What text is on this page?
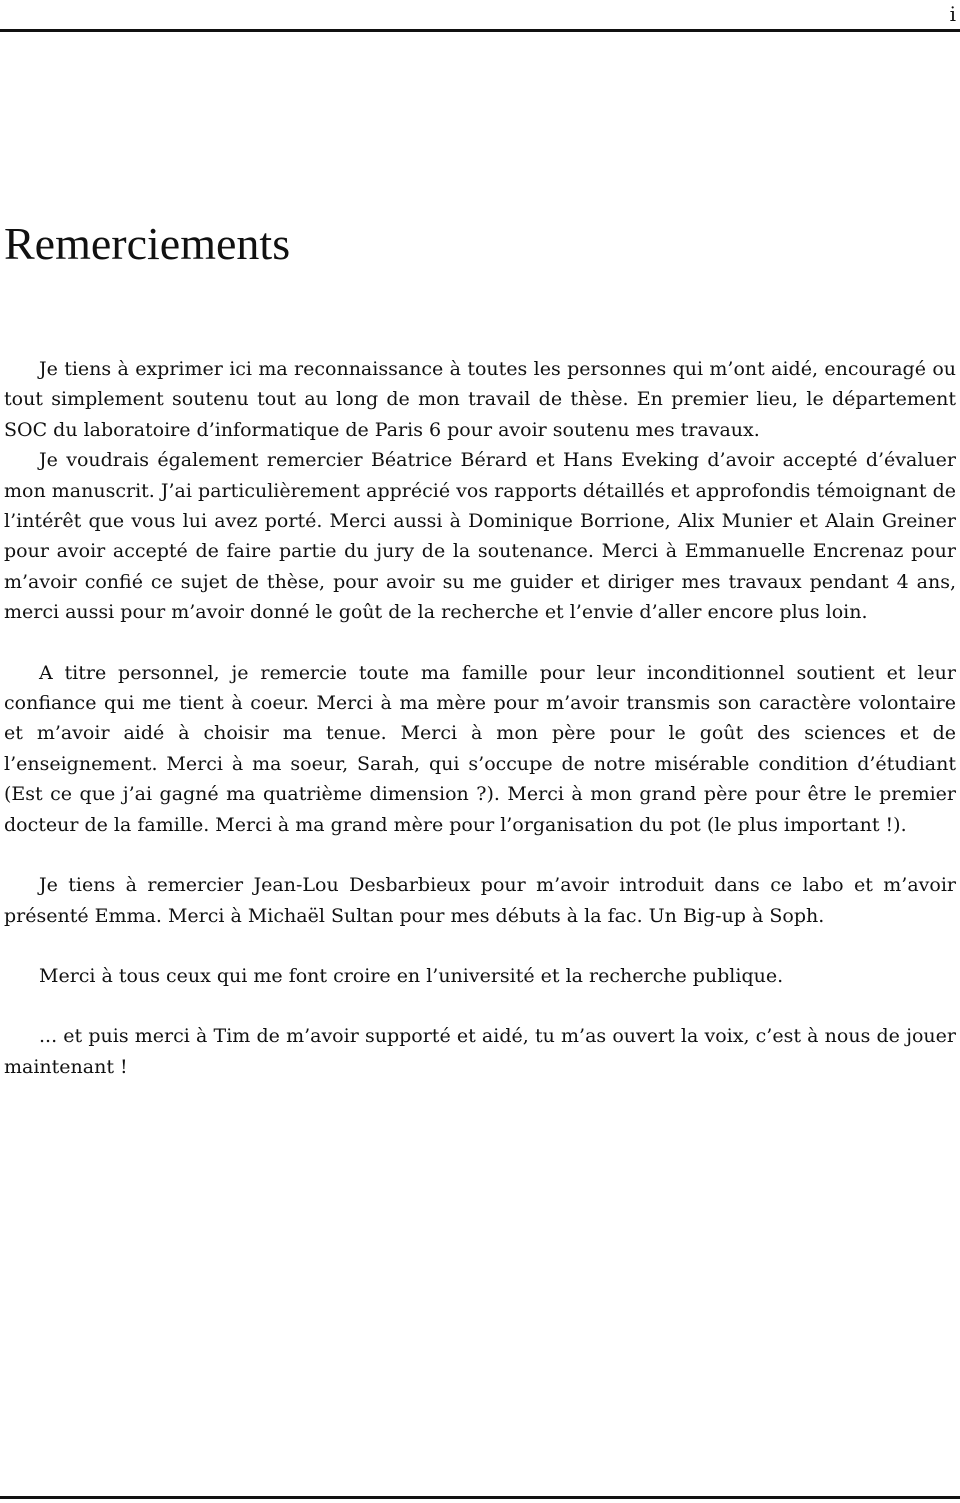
i
Remerciements

Je tiens à exprimer ici ma reconnaissance à toutes les personnes qui m’ont aidé, encouragé ou tout simplement soutenu tout au long de mon travail de thèse. En premier lieu, le département SOC du laboratoire d’informatique de Paris 6 pour avoir soutenu mes travaux.

Je voudrais également remercier Béatrice Bérard et Hans Eveking d’avoir accepté d’évaluer mon manuscrit. J’ai particulièrement apprécié vos rapports détaillés et approfondis témoignant de l’intérêt que vous lui avez porté. Merci aussi à Dominique Borrione, Alix Munier et Alain Greiner pour avoir accepté de faire partie du jury de la soutenance. Merci à Emmanuelle Encrenaz pour m’avoir confié ce sujet de thèse, pour avoir su me guider et diriger mes travaux pendant 4 ans, merci aussi pour m’avoir donné le goût de la recherche et l’envie d’aller encore plus loin.

A titre personnel, je remercie toute ma famille pour leur inconditionnel soutient et leur confiance qui me tient à coeur. Merci à ma mère pour m’avoir transmis son caractère volontaire et m’avoir aidé à choisir ma tenue. Merci à mon père pour le goût des sciences et de l’enseignement. Merci à ma soeur, Sarah, qui s’occupe de notre misérable condition d’étudiant (Est ce que j’ai gagné ma quatrième dimension ?). Merci à mon grand père pour être le premier docteur de la famille. Merci à ma grand mère pour l’organisation du pot (le plus important !).

Je tiens à remercier Jean-Lou Desbarbieux pour m’avoir introduit dans ce labo et m’avoir présenté Emma. Merci à Michaël Sultan pour mes débuts à la fac. Un Big-up à Soph.

Merci à tous ceux qui me font croire en l’université et la recherche publique.

... et puis merci à Tim de m’avoir supporté et aidé, tu m’as ouvert la voix, c’est à nous de jouer maintenant !
